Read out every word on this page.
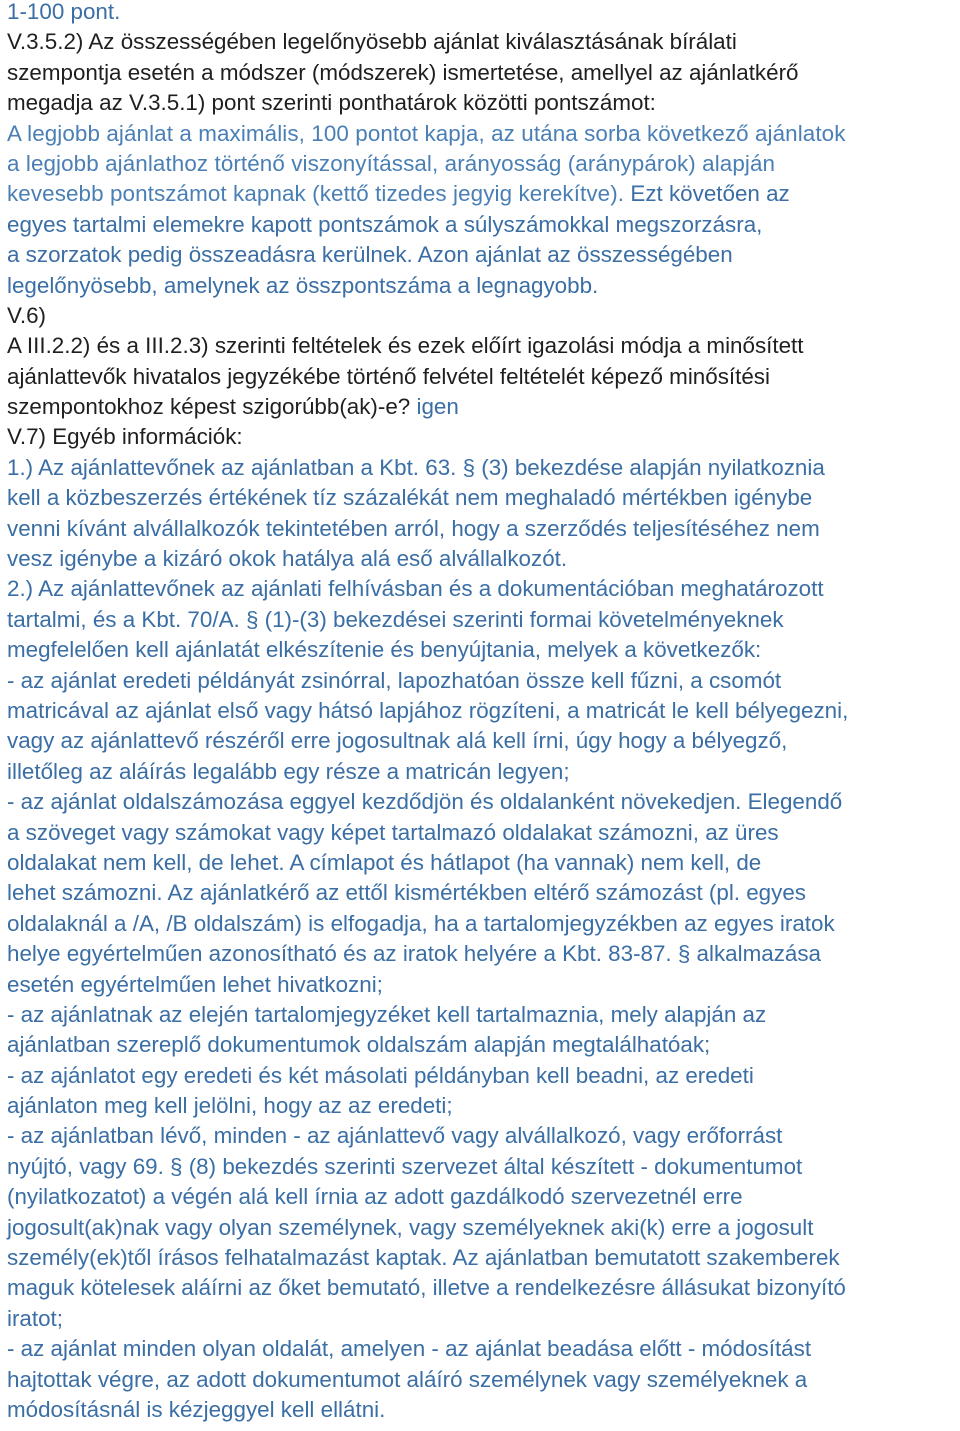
1-100 pont.
V.3.5.2) Az összességében legelőnyösebb ajánlat kiválasztásának bírálati
szempontja esetén a módszer (módszerek) ismertetése, amellyel az ajánlatkérő
megadja az V.3.5.1) pont szerinti ponthatárok közötti pontszámot:
A legjobb ajánlat a maximális, 100 pontot kapja, az utána sorba következő ajánlatok
a legjobb ajánlathoz történő viszonyítással, arányosság (aránypárok) alapján
kevesebb pontszámot kapnak (kettő tizedes jegyig kerekítve). Ezt követően az
egyes tartalmi elemekre kapott pontszámok a súlyszámokkal megszorzásra,
a szorzatok pedig összeadásra kerülnek. Azon ajánlat az összességében
legelőnyösebb, amelynek az összpontszáma a legnagyobb.
V.6)
A III.2.2) és a III.2.3) szerinti feltételek és ezek előírt igazolási módja a minősített
ajánlattevők hivatalos jegyzékébe történő felvétel feltételét képező minősítési
szempontokhoz képest szigorúbb(ak)-e? igen
V.7) Egyéb információk:
1.) Az ajánlattevőnek az ajánlatban a Kbt. 63. § (3) bekezdése alapján nyilatkoznia
kell a közbeszerzés értékének tíz százalékát nem meghaladó mértékben igénybe
venni kívánt alvállalkozók tekintetében arról, hogy a szerződés teljesítéséhez nem
vesz igénybe a kizáró okok hatálya alá eső alvállalkozót.
2.) Az ajánlattevőnek az ajánlati felhívásban és a dokumentációban meghatározott
tartalmi, és a Kbt. 70/A. § (1)-(3) bekezdései szerinti formai követelményeknek
megfelelően kell ajánlatát elkészítenie és benyújtania, melyek a következők:
- az ajánlat eredeti példányát zsinórral, lapozhatóan össze kell fűzni, a csomót
matricával az ajánlat első vagy hátsó lapjához rögzíteni, a matricát le kell bélyegezni,
vagy az ajánlattevő részéről erre jogosultnak alá kell írni, úgy hogy a bélyegző,
illetőleg az aláírás legalább egy része a matricán legyen;
- az ajánlat oldalszámozása eggyel kezdődjön és oldalanként növekedjen. Elegendő
a szöveget vagy számokat vagy képet tartalmazó oldalakat számozni, az üres
oldalakat nem kell, de lehet. A címlapot és hátlapot (ha vannak) nem kell, de
lehet számozni. Az ajánlatkérő az ettől kismértékben eltérő számozást (pl. egyes
oldalaknál a /A, /B oldalszám) is elfogadja, ha a tartalomjegyzékben az egyes iratok
helye egyértelműen azonosítható és az iratok helyére a Kbt. 83-87. § alkalmazása
esetén egyértelműen lehet hivatkozni;
- az ajánlatnak az elején tartalomjegyzéket kell tartalmaznia, mely alapján az
ajánlatban szereplő dokumentumok oldalszám alapján megtalálhatóak;
- az ajánlatot egy eredeti és két másolati példányban kell beadni, az eredeti
ajánlaton meg kell jelölni, hogy az az eredeti;
- az ajánlatban lévő, minden - az ajánlattevő vagy alvállalkozó, vagy erőforrást
nyújtó, vagy 69. § (8) bekezdés szerinti szervezet által készített - dokumentumot
(nyilatkozatot) a végén alá kell írnia az adott gazdálkodó szervezetnél erre
jogosult(ak)nak vagy olyan személynek, vagy személyeknek aki(k) erre a jogosult
személy(ek)től írásos felhatalmazást kaptak. Az ajánlatban bemutatott szakemberek
maguk kötelesek aláírni az őket bemutató, illetve a rendelkezésre állásukat bizonyító
iratot;
- az ajánlat minden olyan oldalát, amelyen - az ajánlat beadása előtt - módosítást
hajtottak végre, az adott dokumentumot aláíró személynek vagy személyeknek a
módosításnál is kézjeggyel kell ellátni.
